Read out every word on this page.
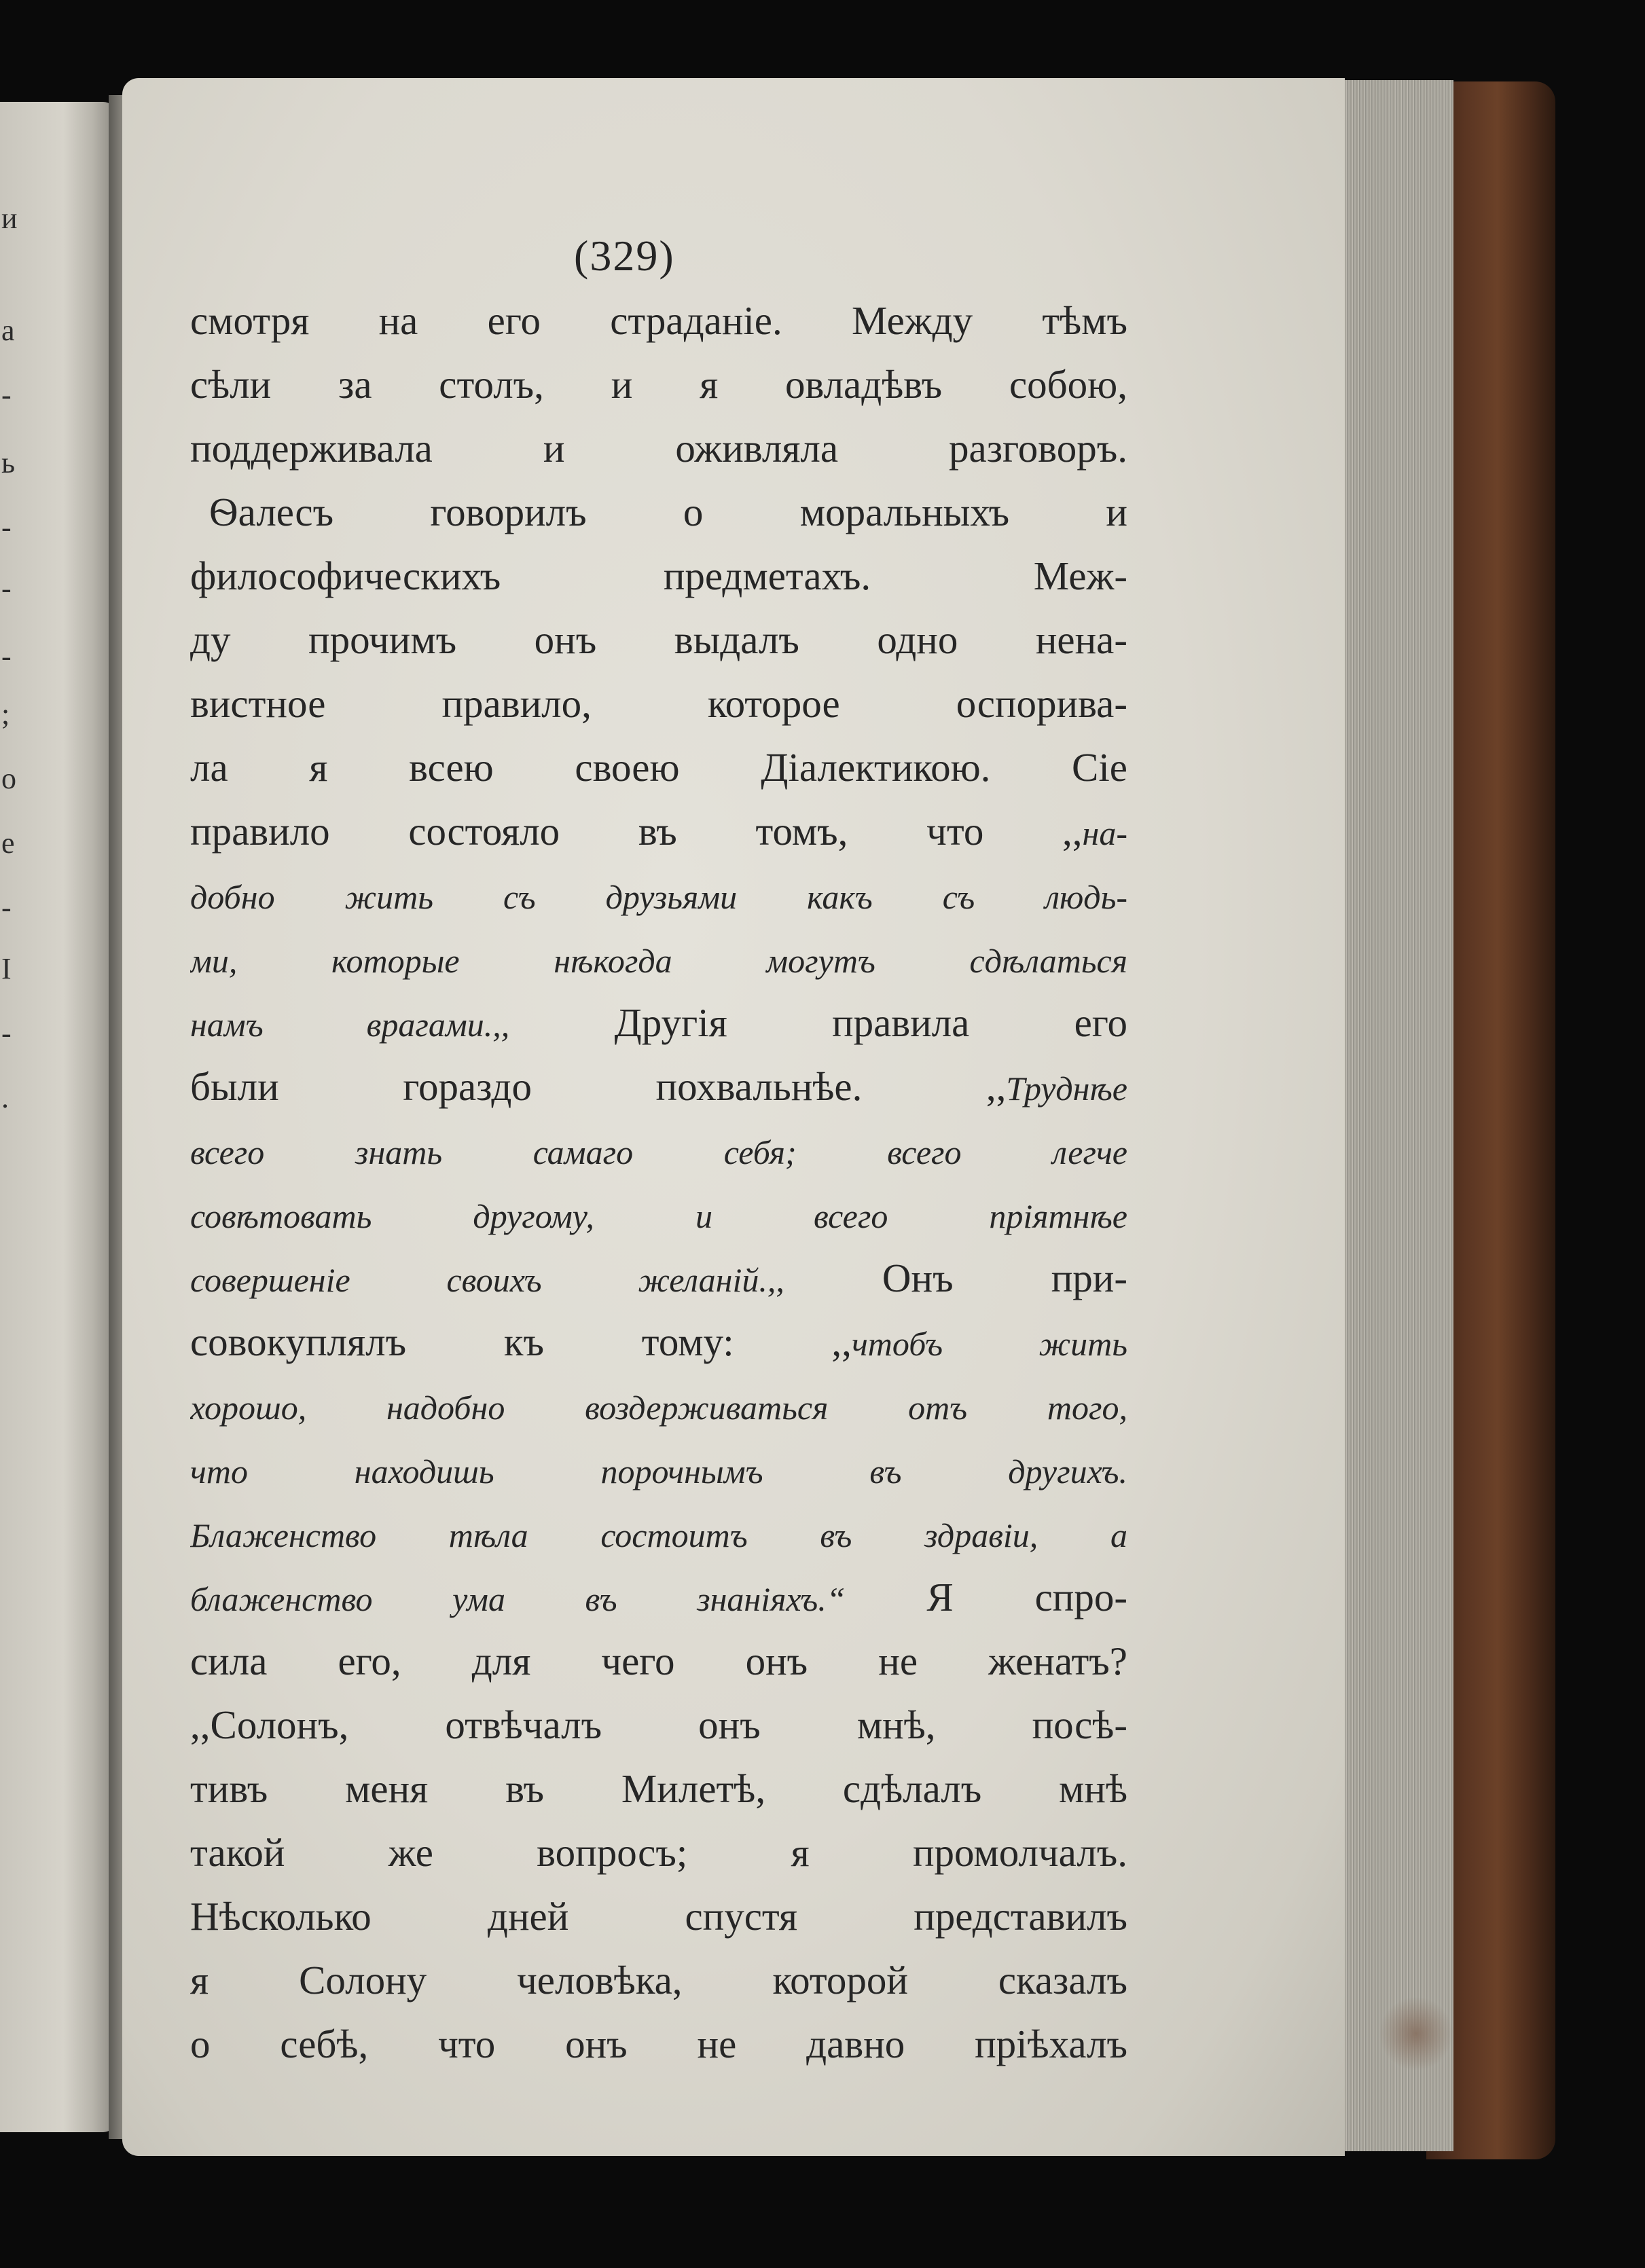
и
а
-
ь
-
-
-
;
о
е
-
I
-
.
(329)
смотря на его страданіе. Между тѣмъ
сѣли за столъ, и я овладѣвъ собою,
поддерживала и оживляла разговоръ.
Ѳалесъ говорилъ о моральныхъ и
философическихъ предметахъ. Меж-
ду прочимъ онъ выдалъ одно нена-
вистное правило, которое оспорива-
ла я всею своею Діалектикою. Сіе
правило состояло въ томъ, что ,,на-
добно жить съ друзьями какъ съ людь-
ми, которые нѣкогда могутъ сдѣлаться
намъ врагами.,, Другія правила его
были гораздо похвальнѣе. ,,Труднѣе
всего знать самаго себя; всего легче
совѣтовать другому, и всего пріятнѣе
совершеніе своихъ желаній.,, Онъ при-
совокуплялъ къ тому: ,,чтобъ жить
хорошо, надобно воздерживаться отъ того,
что находишь порочнымъ въ другихъ.
Блаженство тѣла состоитъ въ здравіи, а
блаженство ума въ знаніяхъ.“ Я спро-
сила его, для чего онъ не женатъ?
,,Солонъ, отвѣчалъ онъ мнѣ, посѣ-
тивъ меня въ Милетѣ, сдѣлалъ мнѣ
такой же вопросъ; я промолчалъ.
Нѣсколько дней спустя представилъ
я Солону человѣка, которой сказалъ
о себѣ, что онъ не давно пріѣхалъ
